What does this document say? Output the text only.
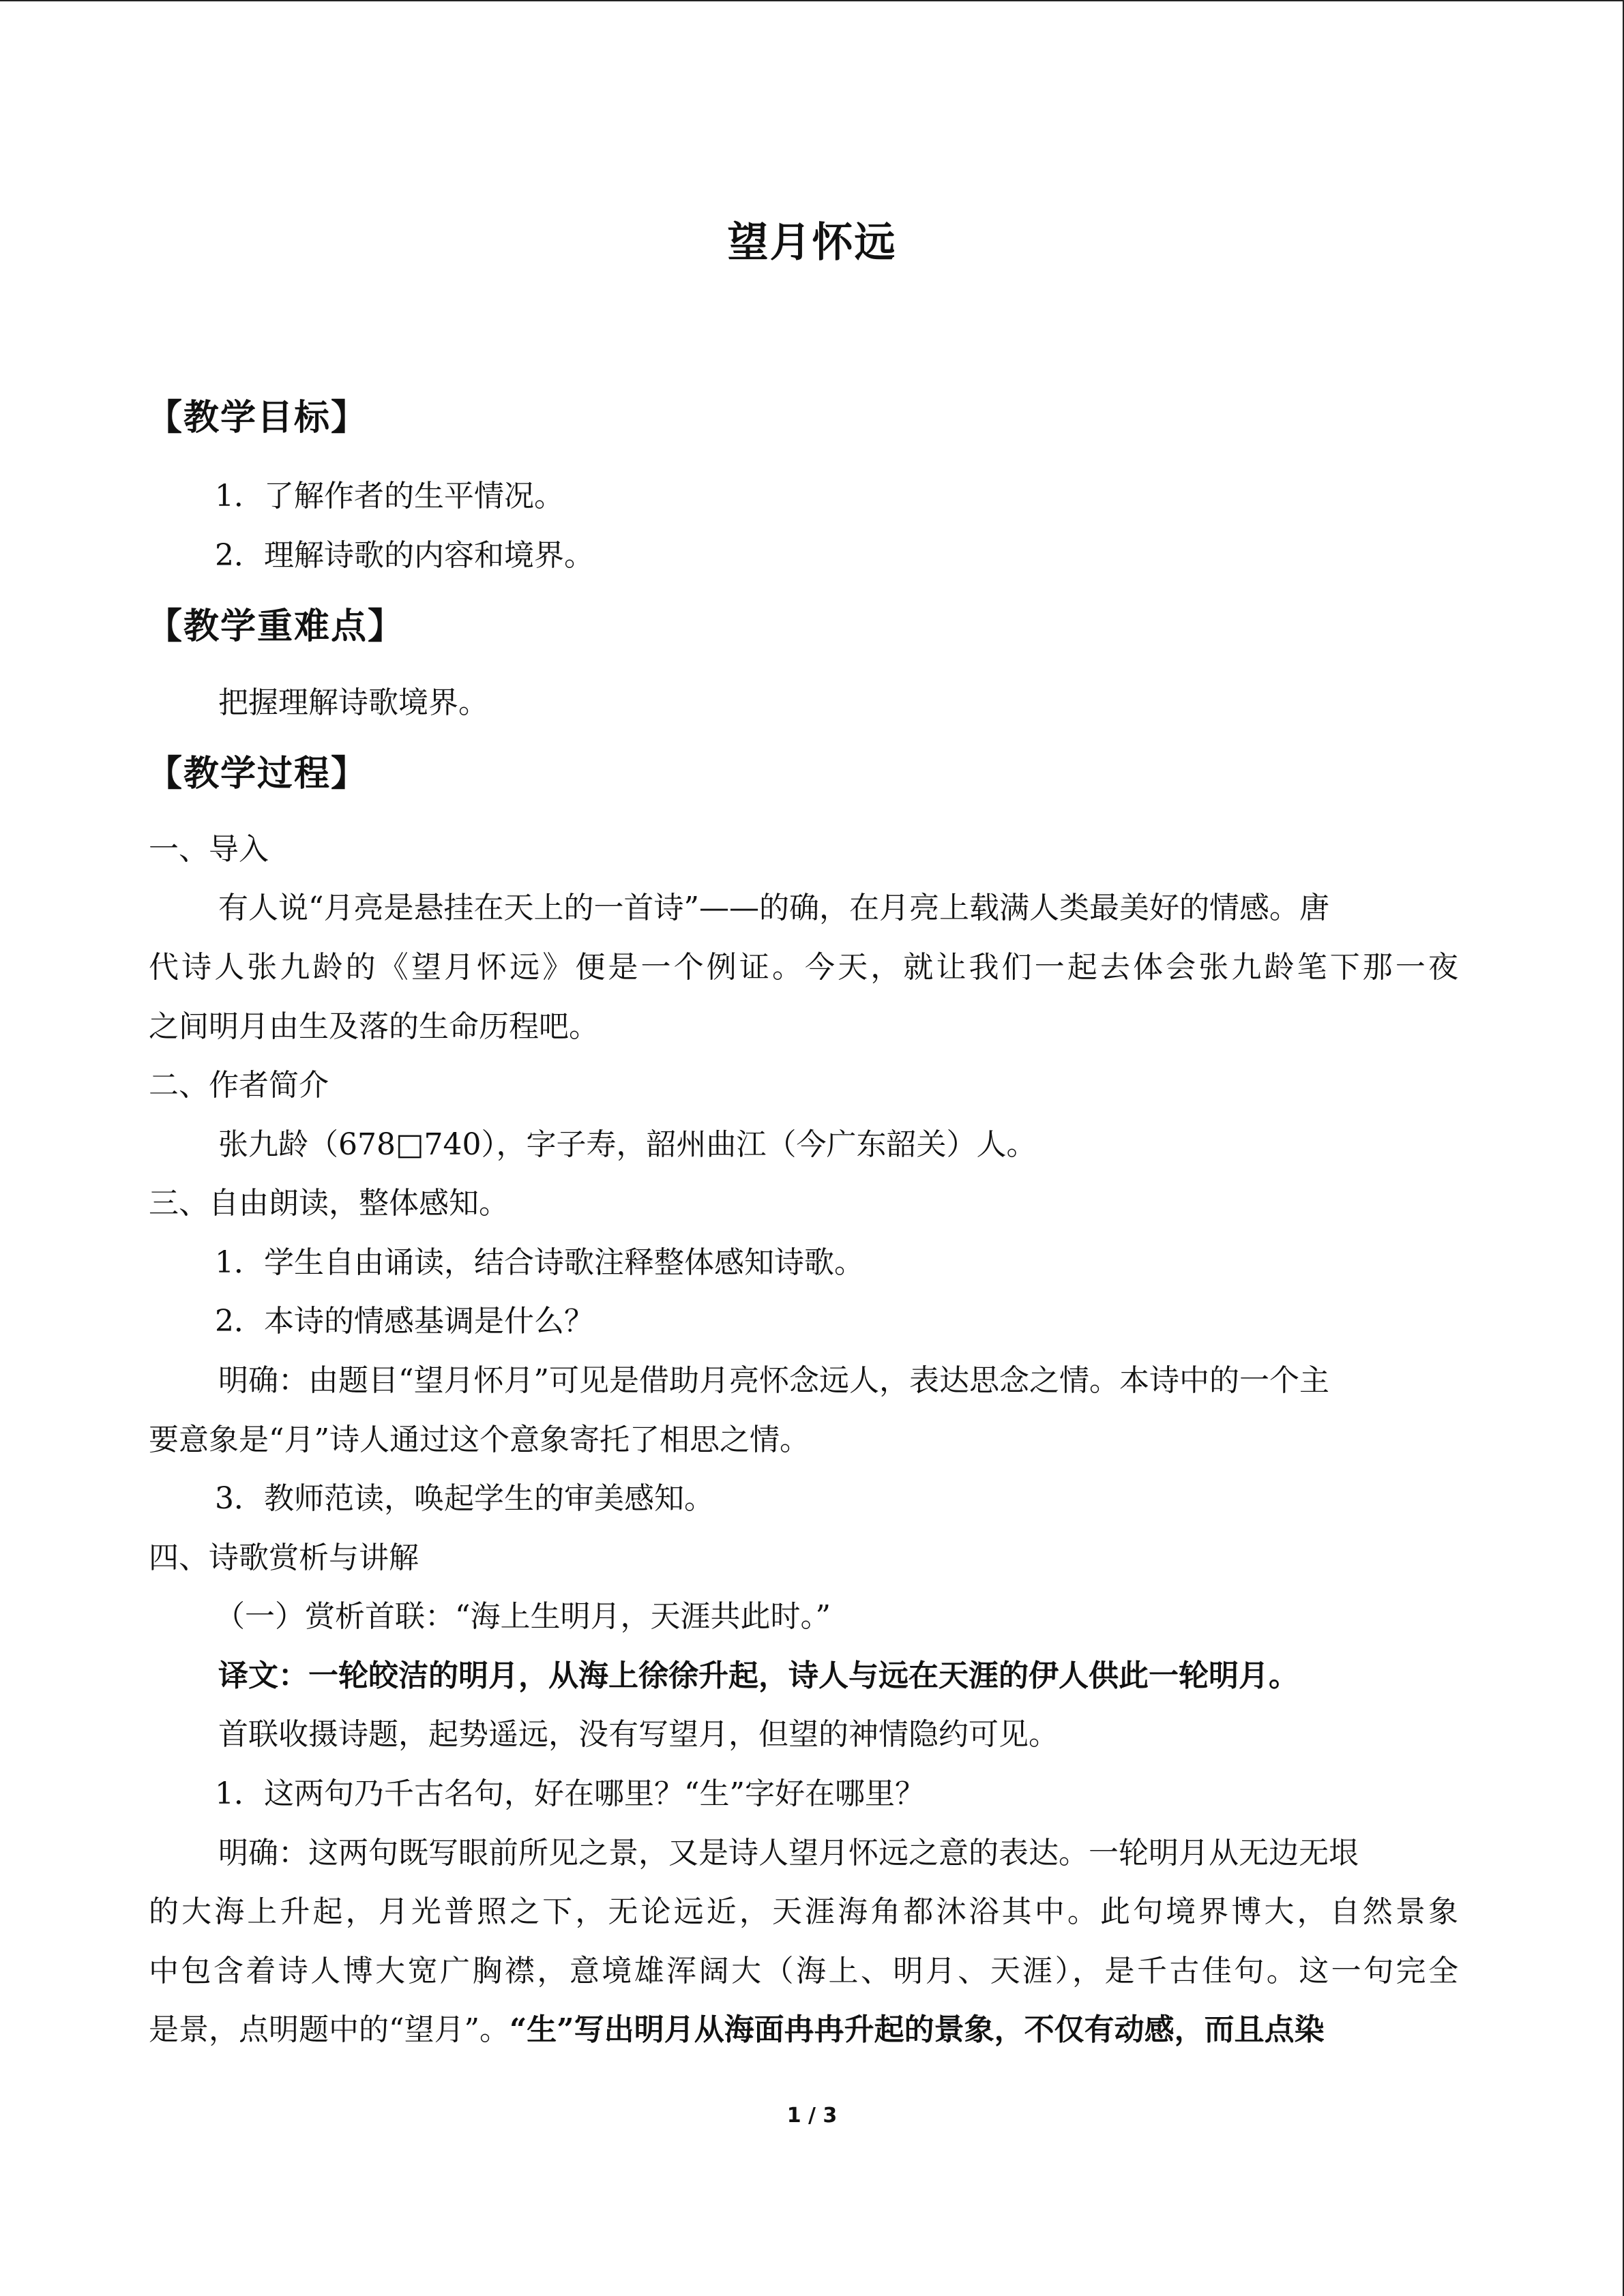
望月怀远
【教学目标】
1．了解作者的生平情况。
2．理解诗歌的内容和境界。
【教学重难点】
把握理解诗歌境界。
【教学过程】
一、导入
有人说“月亮是悬挂在天上的一首诗”——的确，在月亮上载满人类最美好的情感。唐
代诗人张九龄的《望月怀远》便是一个例证。今天，就让我们一起去体会张九龄笔下那一夜
之间明月由生及落的生命历程吧。
二、作者简介
张九龄（678□740），字子寿，韶州曲江（今广东韶关）人。
三、自由朗读，整体感知。
1．学生自由诵读，结合诗歌注释整体感知诗歌。
2．本诗的情感基调是什么？
明确：由题目“望月怀月”可见是借助月亮怀念远人，表达思念之情。本诗中的一个主
要意象是“月”诗人通过这个意象寄托了相思之情。
3．教师范读，唤起学生的审美感知。
四、诗歌赏析与讲解
（一）赏析首联：“海上生明月，天涯共此时。”
译文：一轮皎洁的明月，从海上徐徐升起，诗人与远在天涯的伊人供此一轮明月。
首联收摄诗题，起势遥远，没有写望月，但望的神情隐约可见。
1．这两句乃千古名句，好在哪里？“生”字好在哪里？
明确：这两句既写眼前所见之景，又是诗人望月怀远之意的表达。一轮明月从无边无垠
的大海上升起，月光普照之下，无论远近，天涯海角都沐浴其中。此句境界博大，自然景象
中包含着诗人博大宽广胸襟，意境雄浑阔大（海上、明月、天涯），是千古佳句。这一句完全
是景，点明题中的“望月”。“生”写出明月从海面冉冉升起的景象，不仅有动感，而且点染
1 / 3
